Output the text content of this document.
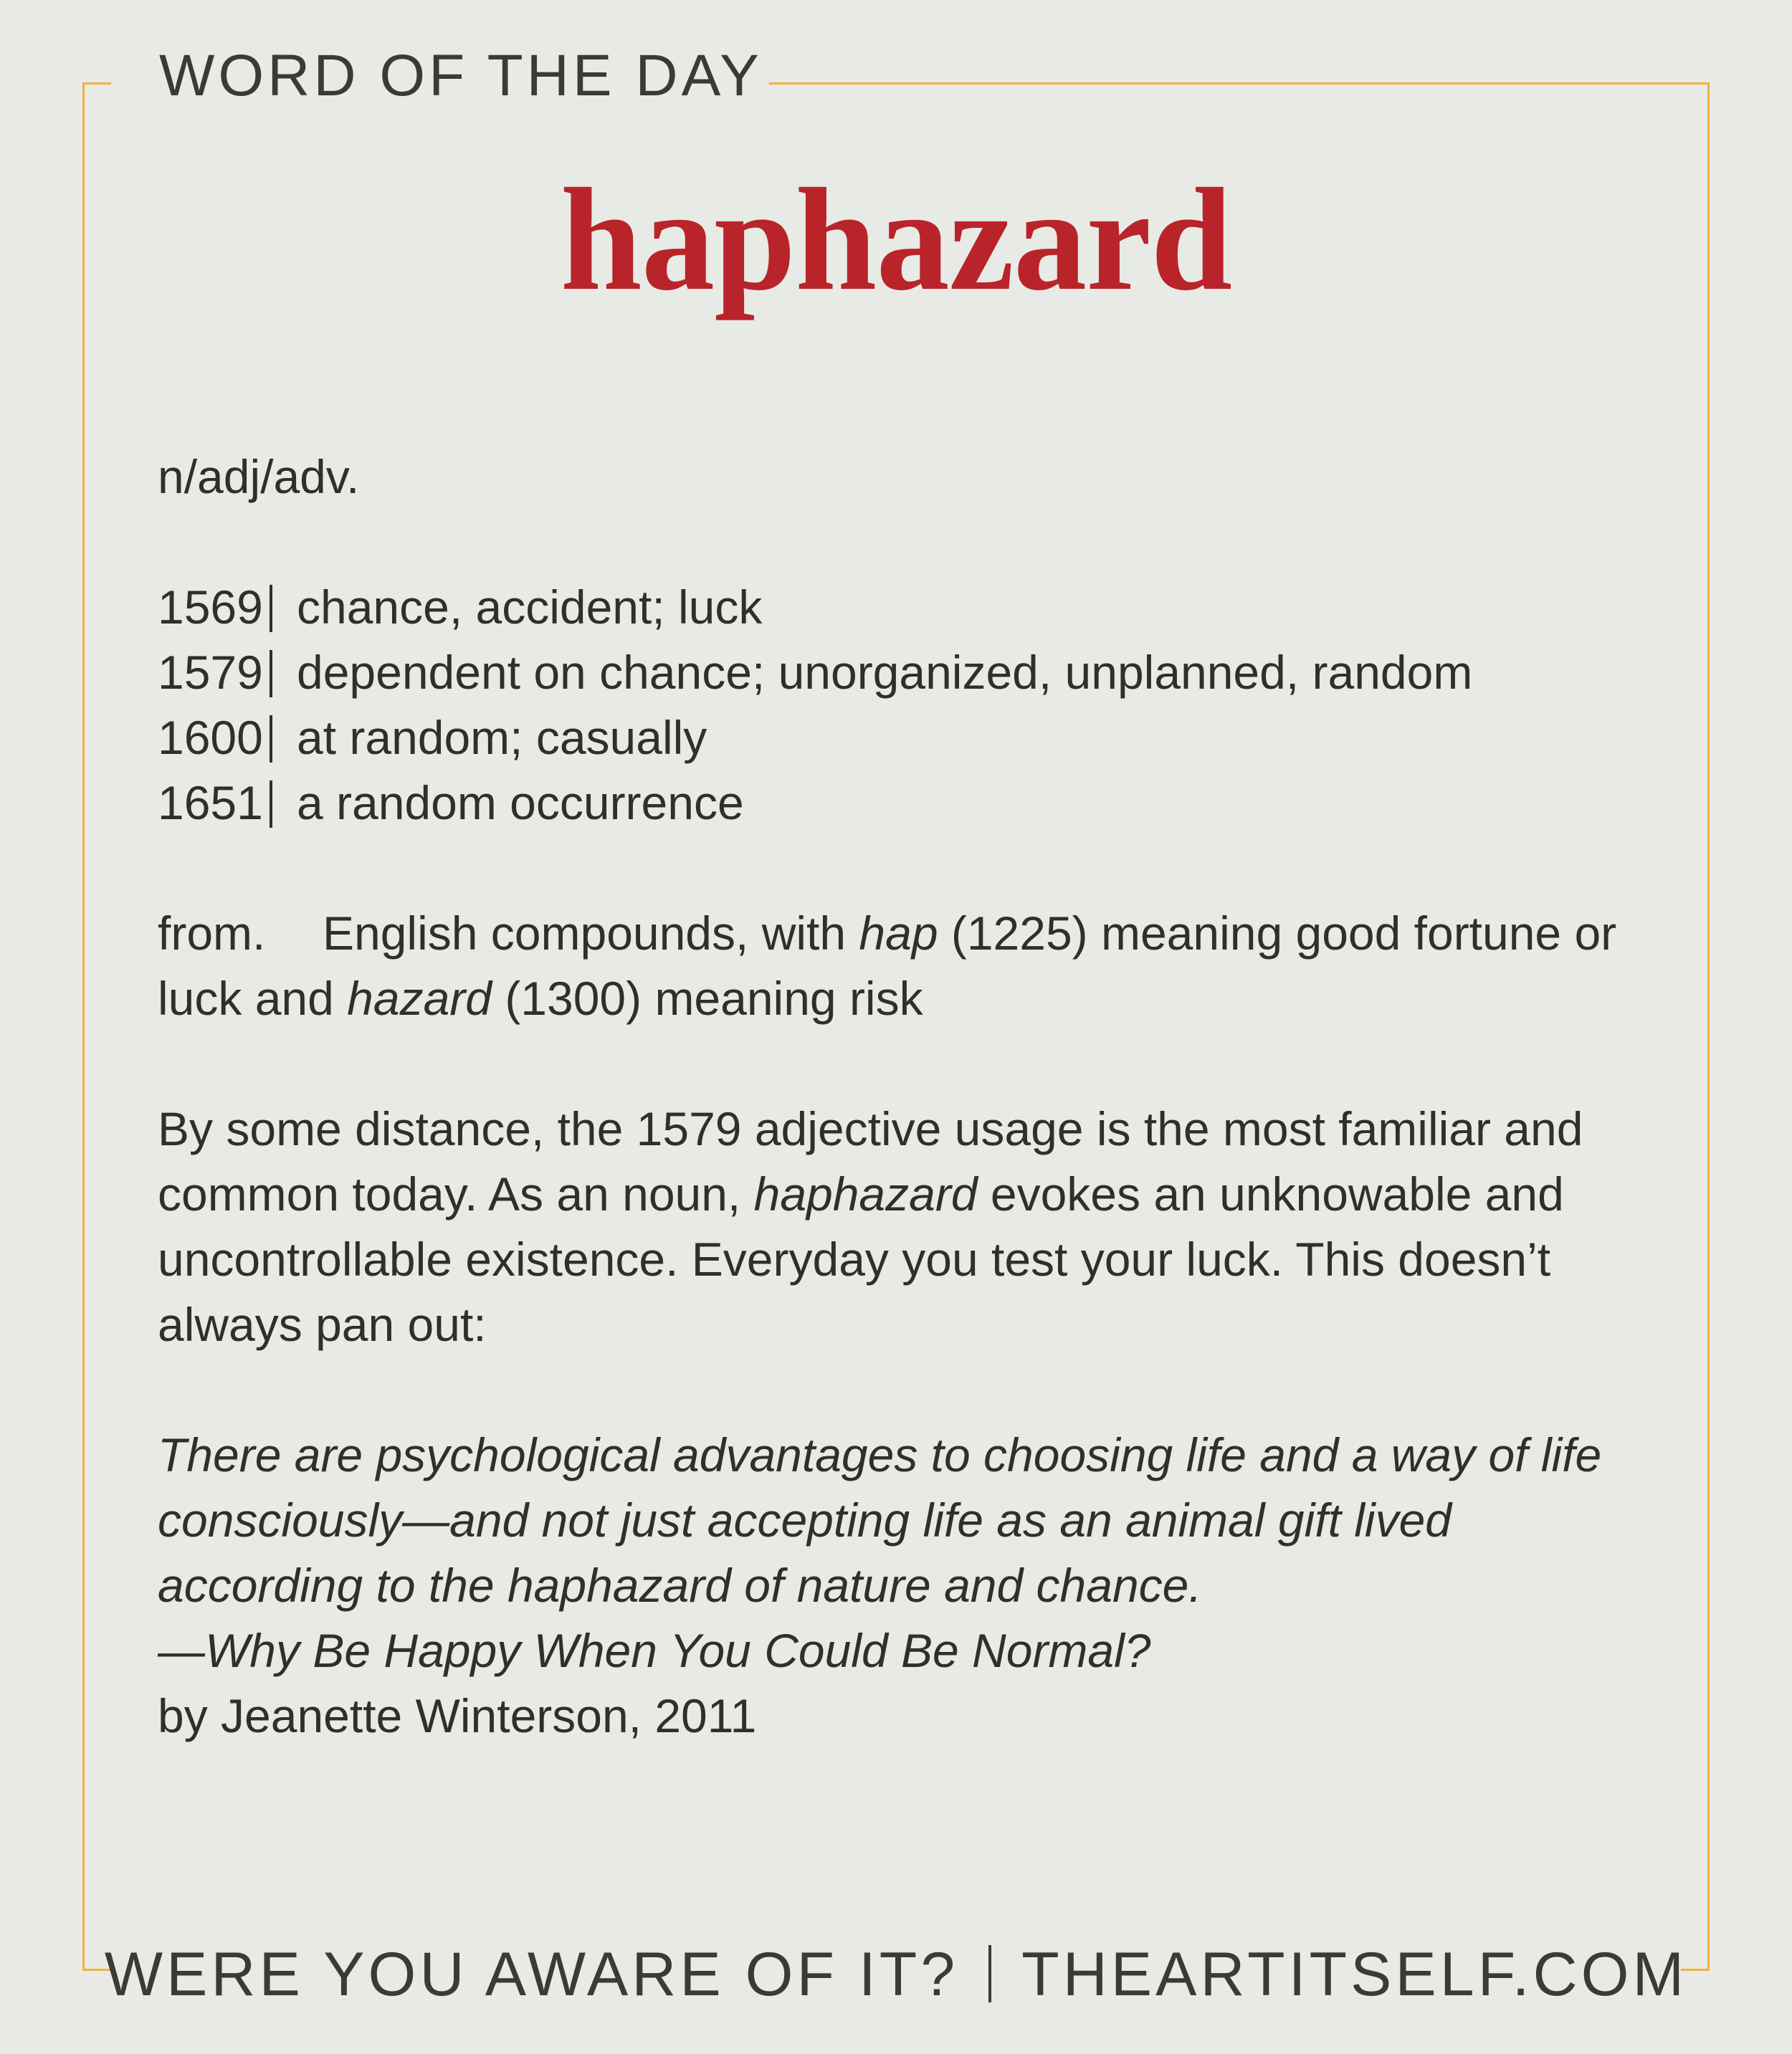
WORD OF THE DAY
haphazard

n/adj/adv.

1569 chance, accident; luck
1579 dependent on chance; unorganized, unplanned, random
1600 at random; casually
1651 a random occurrence

from. English compounds, with hap (1225) meaning good fortune or luck and hazard (1300) meaning risk

By some distance, the 1579 adjective usage is the most familiar and common today. As an noun, haphazard evokes an unknowable and uncontrollable existence. Everyday you test your luck. This doesn’t always pan out:

There are psychological advantages to choosing life and a way of life consciously—and not just accepting life as an animal gift lived according to the haphazard of nature and chance.

—Why Be Happy When You Could Be Normal?

by Jeanette Winterson, 2011

WERE YOU AWARE OF IT? THEARTITSELF.COM
